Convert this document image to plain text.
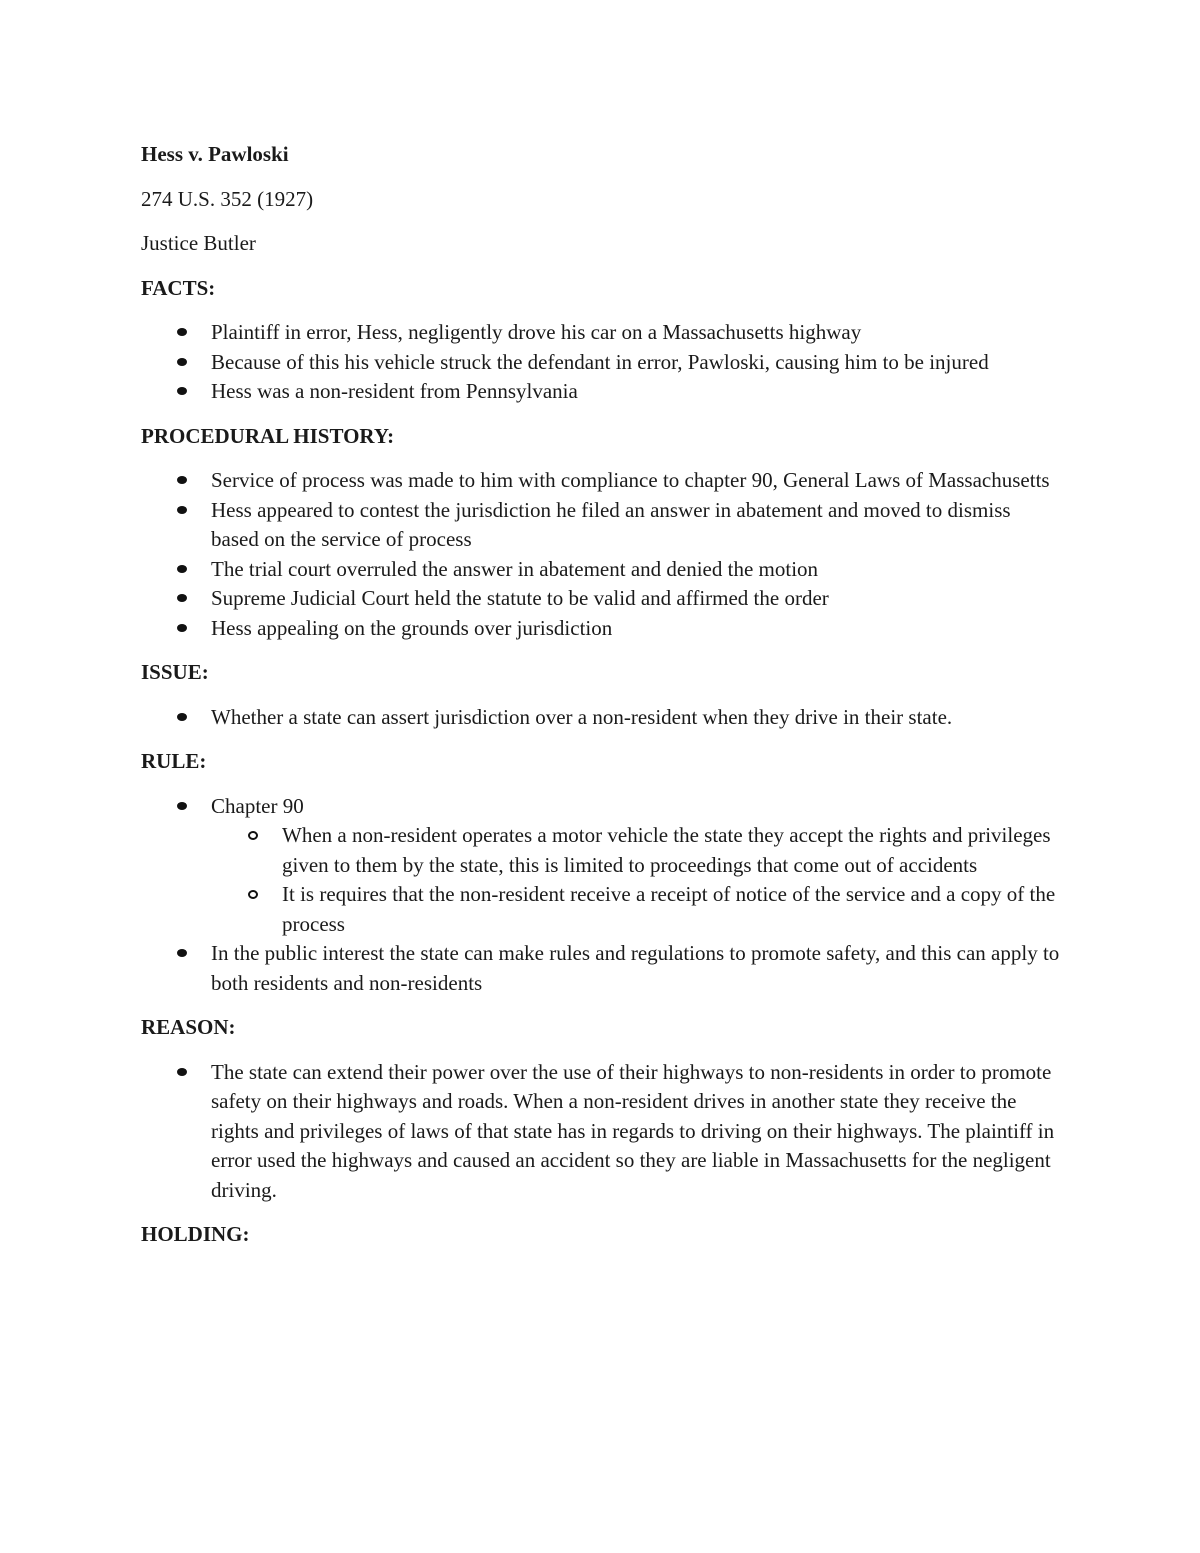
Hess v. Pawloski

274 U.S. 352 (1927)

Justice Butler

FACTS:

Plaintiff in error, Hess, negligently drove his car on a Massachusetts highway
Because of this his vehicle struck the defendant in error, Pawloski, causing him to be injured
Hess was a non-resident from Pennsylvania

PROCEDURAL HISTORY:

Service of process was made to him with compliance to chapter 90, General Laws of Massachusetts
Hess appeared to contest the jurisdiction he filed an answer in abatement and moved to dismiss based on the service of process
The trial court overruled the answer in abatement and denied the motion
Supreme Judicial Court held the statute to be valid and affirmed the order
Hess appealing on the grounds over jurisdiction

ISSUE:

Whether a state can assert jurisdiction over a non-resident when they drive in their state.

RULE:

Chapter 90
When a non-resident operates a motor vehicle the state they accept the rights and privileges given to them by the state, this is limited to proceedings that come out of accidents
It is requires that the non-resident receive a receipt of notice of the service and a copy of the process
In the public interest the state can make rules and regulations to promote safety, and this can apply to both residents and non-residents

REASON:

The state can extend their power over the use of their highways to non-residents in order to promote safety on their highways and roads. When a non-resident drives in another state they receive the rights and privileges of laws of that state has in regards to driving on their highways. The plaintiff in error used the highways and caused an accident so they are liable in Massachusetts for the negligent driving.

HOLDING:
